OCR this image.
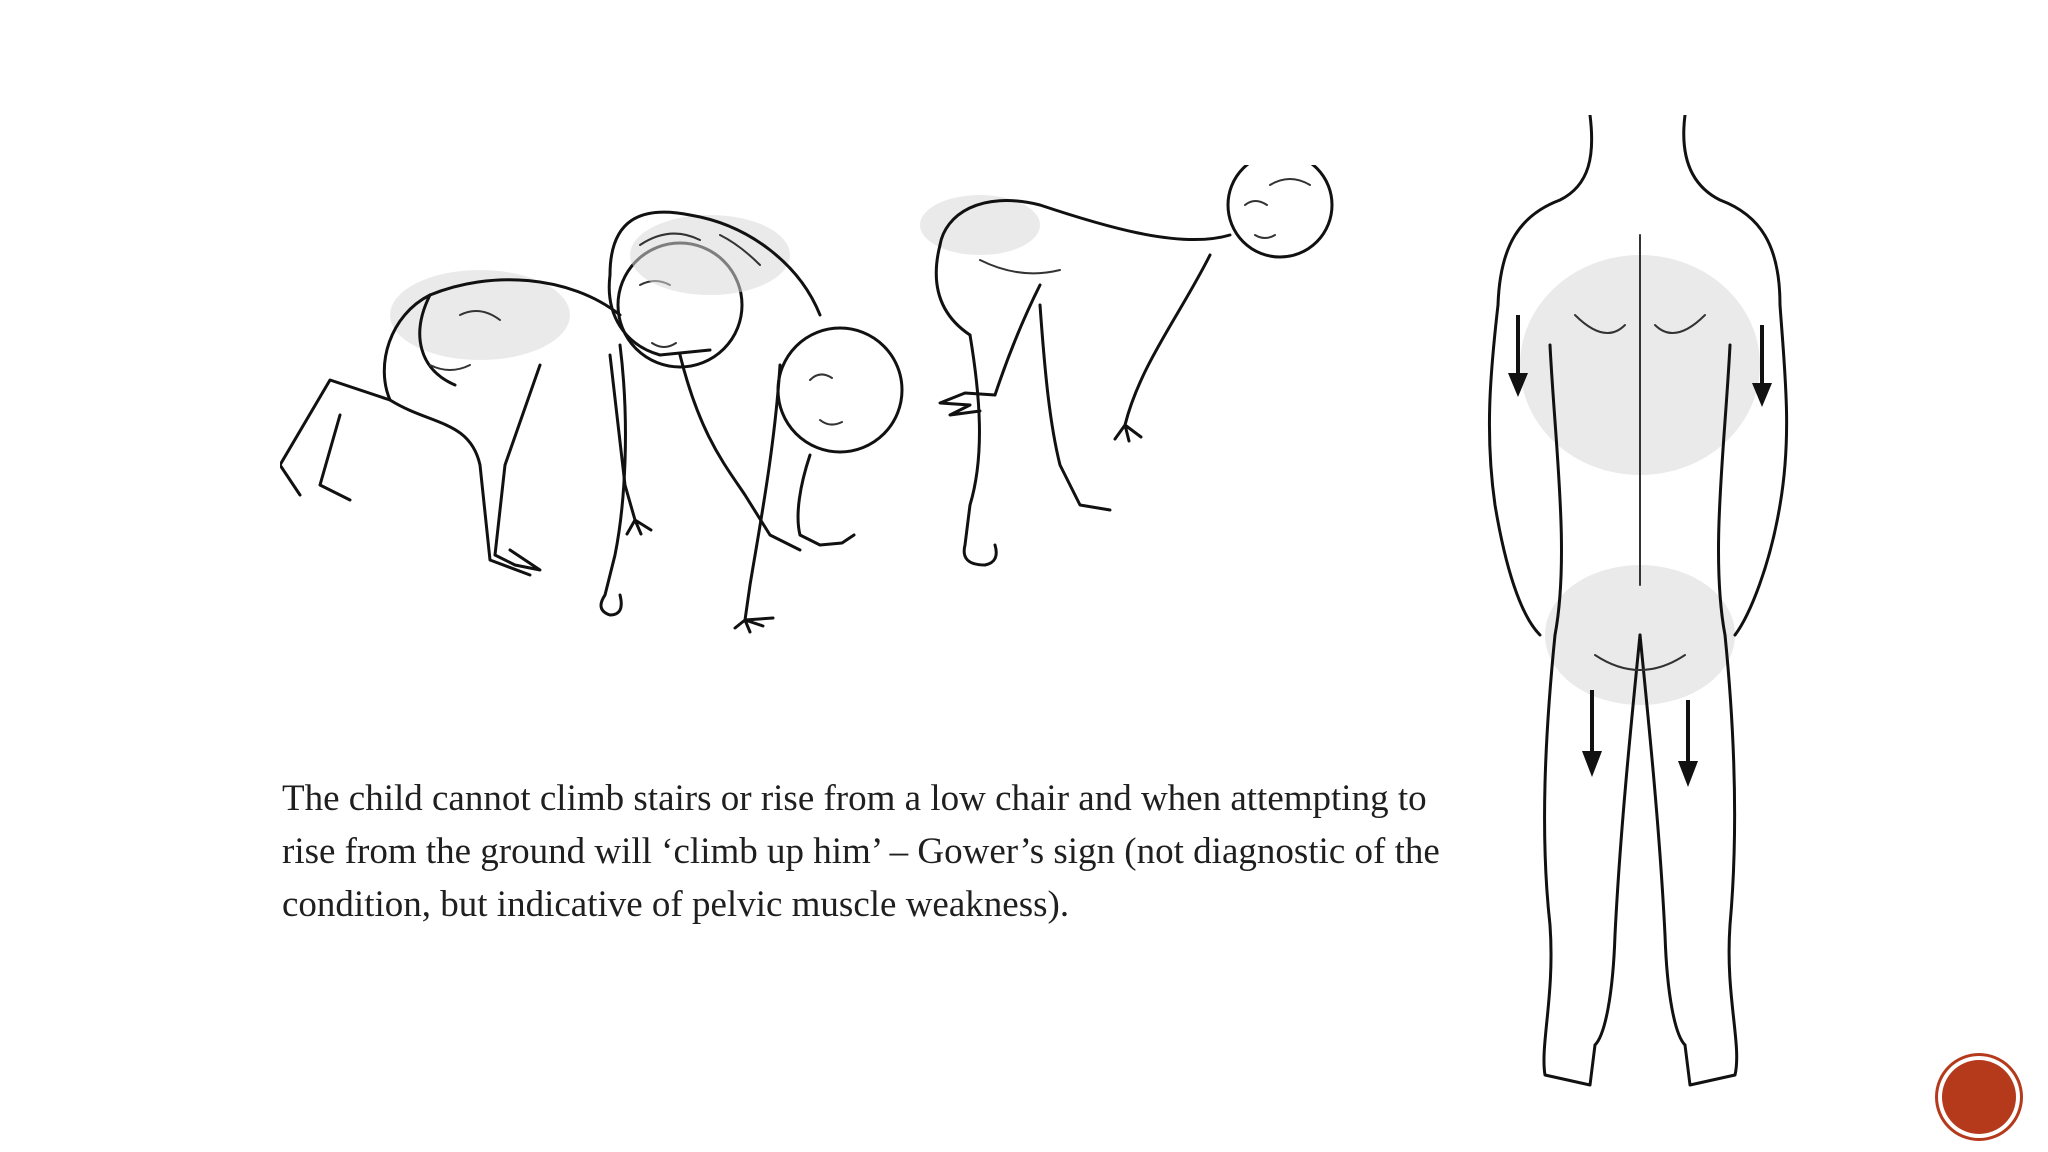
The child cannot climb stairs or rise from a low chair and when attempting to rise from the ground will ‘climb up him’ – Gower’s sign (not diagnostic of the condition, but indicative of pelvic muscle weakness).
